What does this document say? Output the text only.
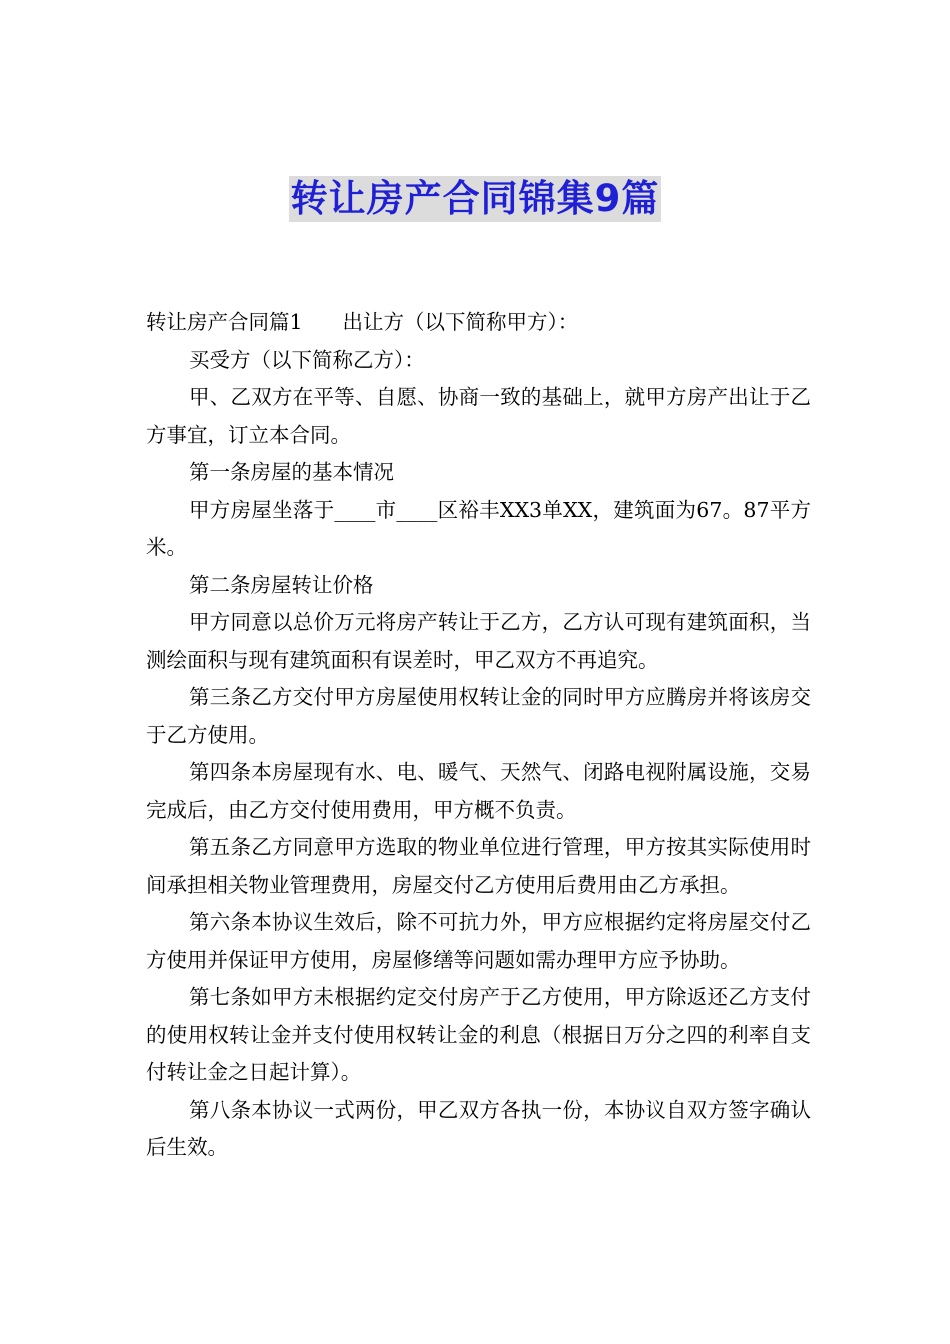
转让房产合同锦集9篇

转让房产合同篇1 出让方（以下简称甲方）：

买受方（以下简称乙方）：

甲、乙双方在平等、自愿、协商一致的基础上，就甲方房产出让于乙方事宜，订立本合同。

第一条房屋的基本情况

甲方房屋坐落于____市____区裕丰XX3单XX，建筑面为67。87平方米。

第二条房屋转让价格

甲方同意以总价万元将房产转让于乙方，乙方认可现有建筑面积，当测绘面积与现有建筑面积有误差时，甲乙双方不再追究。

第三条乙方交付甲方房屋使用权转让金的同时甲方应腾房并将该房交于乙方使用。

第四条本房屋现有水、电、暖气、天然气、闭路电视附属设施，交易完成后，由乙方交付使用费用，甲方概不负责。

第五条乙方同意甲方选取的物业单位进行管理，甲方按其实际使用时间承担相关物业管理费用，房屋交付乙方使用后费用由乙方承担。

第六条本协议生效后，除不可抗力外，甲方应根据约定将房屋交付乙方使用并保证甲方使用，房屋修缮等问题如需办理甲方应予协助。

第七条如甲方未根据约定交付房产于乙方使用，甲方除返还乙方支付的使用权转让金并支付使用权转让金的利息（根据日万分之四的利率自支付转让金之日起计算）。

第八条本协议一式两份，甲乙双方各执一份，本协议自双方签字确认后生效。
